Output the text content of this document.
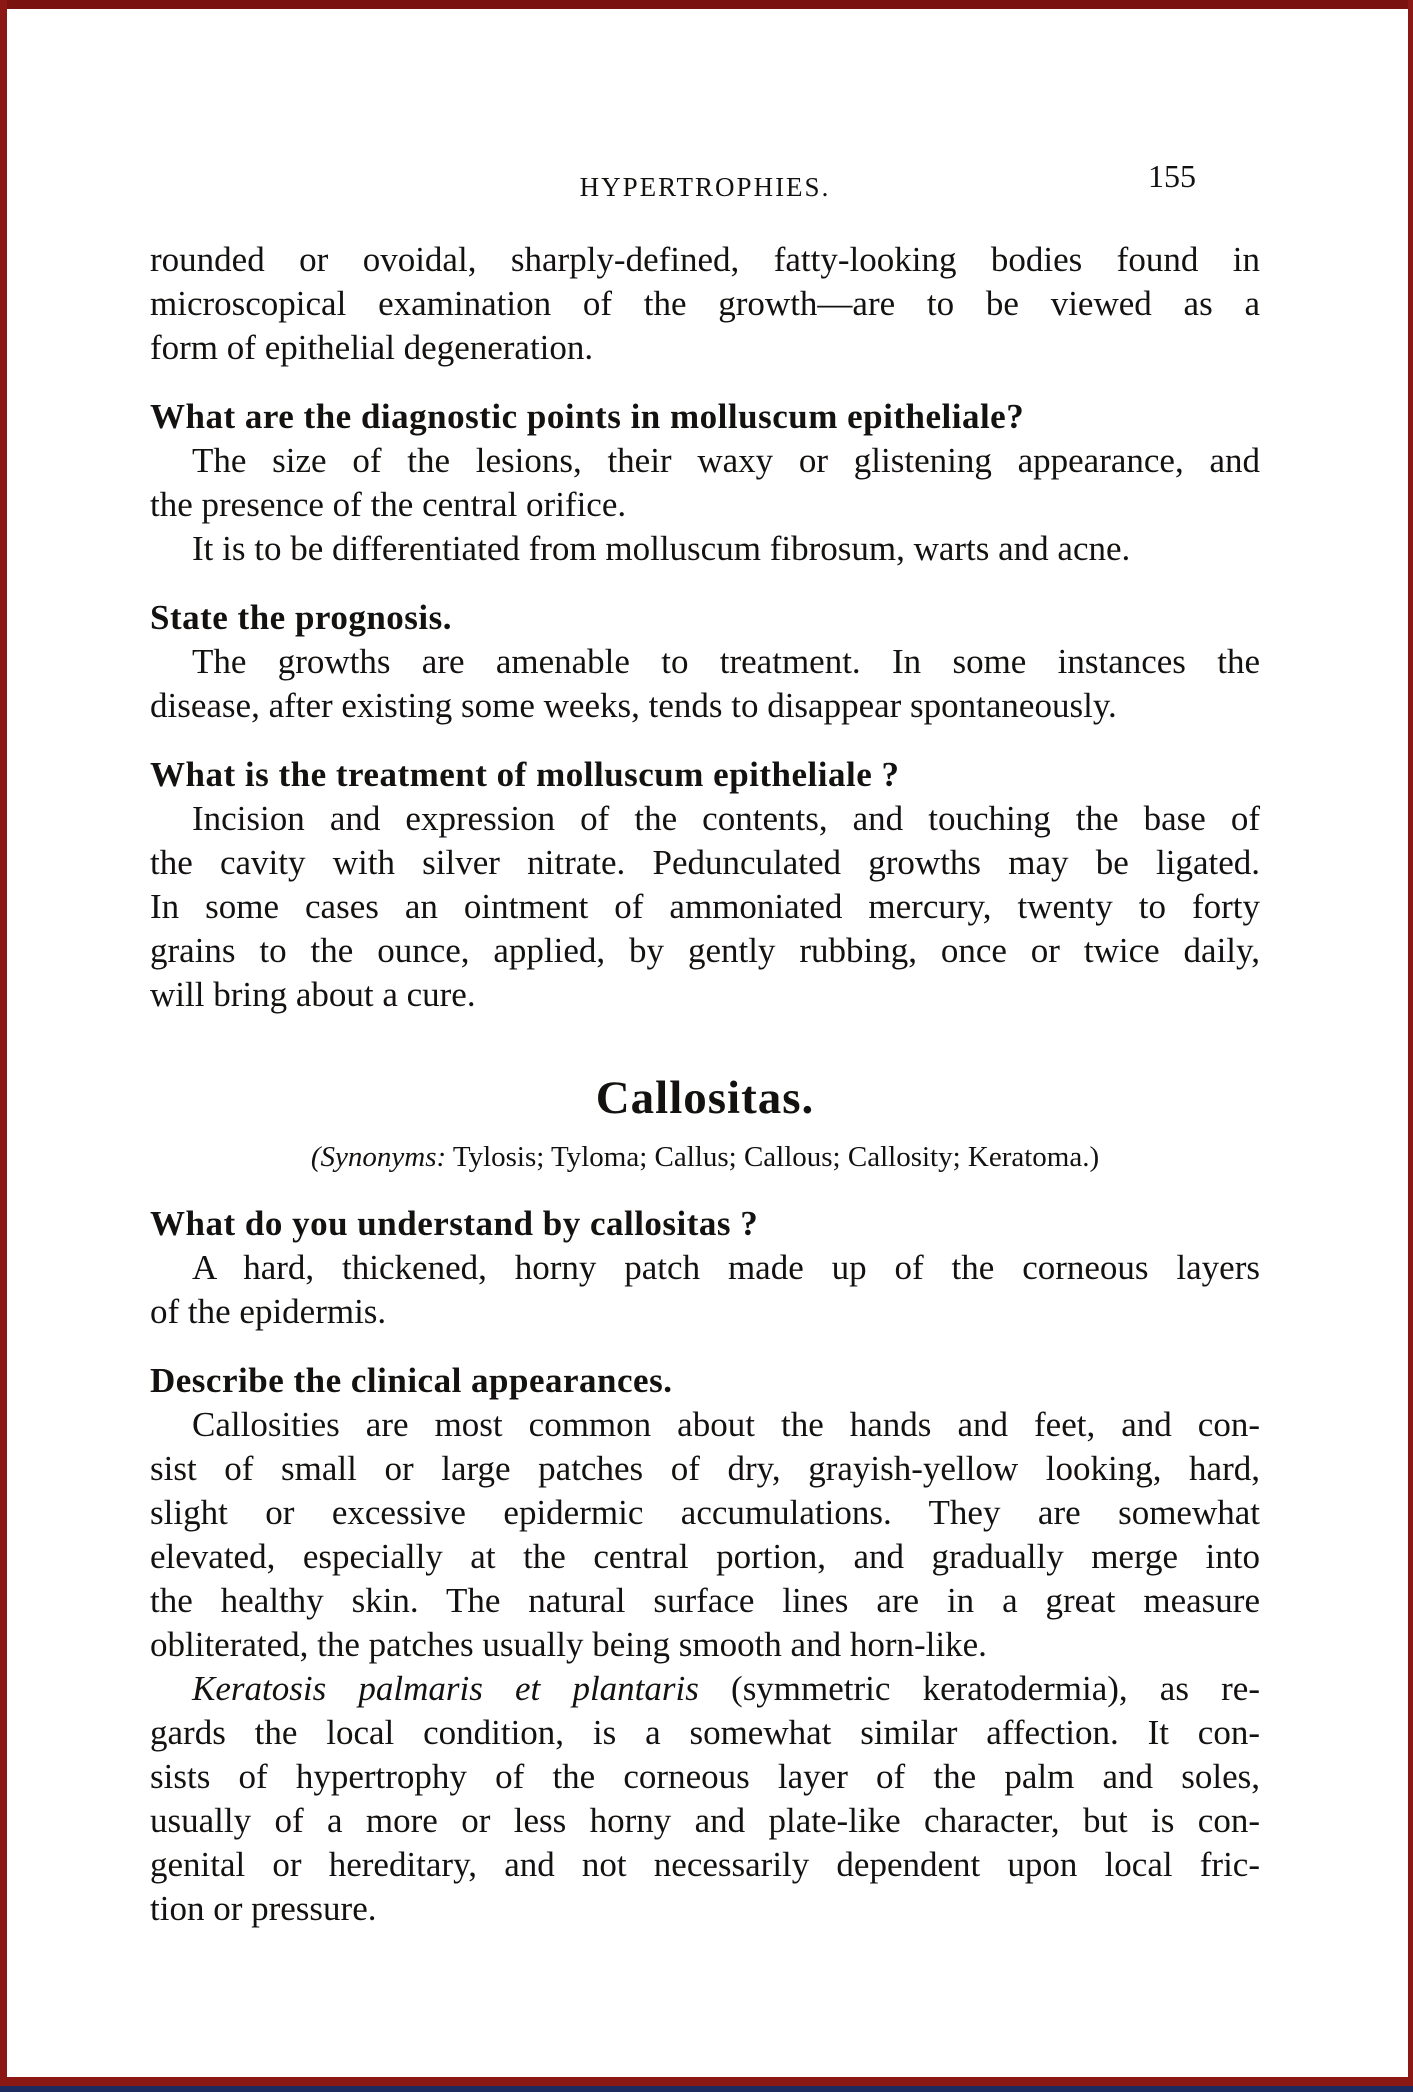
155
HYPERTROPHIES.
rounded or ovoidal, sharply-defined, fatty-looking bodies found in
microscopical examination of the growth—are to be viewed as a
form of epithelial degeneration.
What are the diagnostic points in molluscum epitheliale?
The size of the lesions, their waxy or glistening appearance, and
the presence of the central orifice.
It is to be differentiated from molluscum fibrosum, warts and acne.
State the prognosis.
The growths are amenable to treatment. In some instances the
disease, after existing some weeks, tends to disappear spontaneously.
What is the treatment of molluscum epitheliale ?
Incision and expression of the contents, and touching the base of
the cavity with silver nitrate. Pedunculated growths may be ligated.
In some cases an ointment of ammoniated mercury, twenty to forty
grains to the ounce, applied, by gently rubbing, once or twice daily,
will bring about a cure.
Callositas.
(Synonyms: Tylosis; Tyloma; Callus; Callous; Callosity; Keratoma.)
What do you understand by callositas ?
A hard, thickened, horny patch made up of the corneous layers
of the epidermis.
Describe the clinical appearances.
Callosities are most common about the hands and feet, and con-
sist of small or large patches of dry, grayish-yellow looking, hard,
slight or excessive epidermic accumulations. They are somewhat
elevated, especially at the central portion, and gradually merge into
the healthy skin. The natural surface lines are in a great measure
obliterated, the patches usually being smooth and horn-like.
Keratosis palmaris et plantaris (symmetric keratodermia), as re-
gards the local condition, is a somewhat similar affection. It con-
sists of hypertrophy of the corneous layer of the palm and soles,
usually of a more or less horny and plate-like character, but is con-
genital or hereditary, and not necessarily dependent upon local fric-
tion or pressure.
